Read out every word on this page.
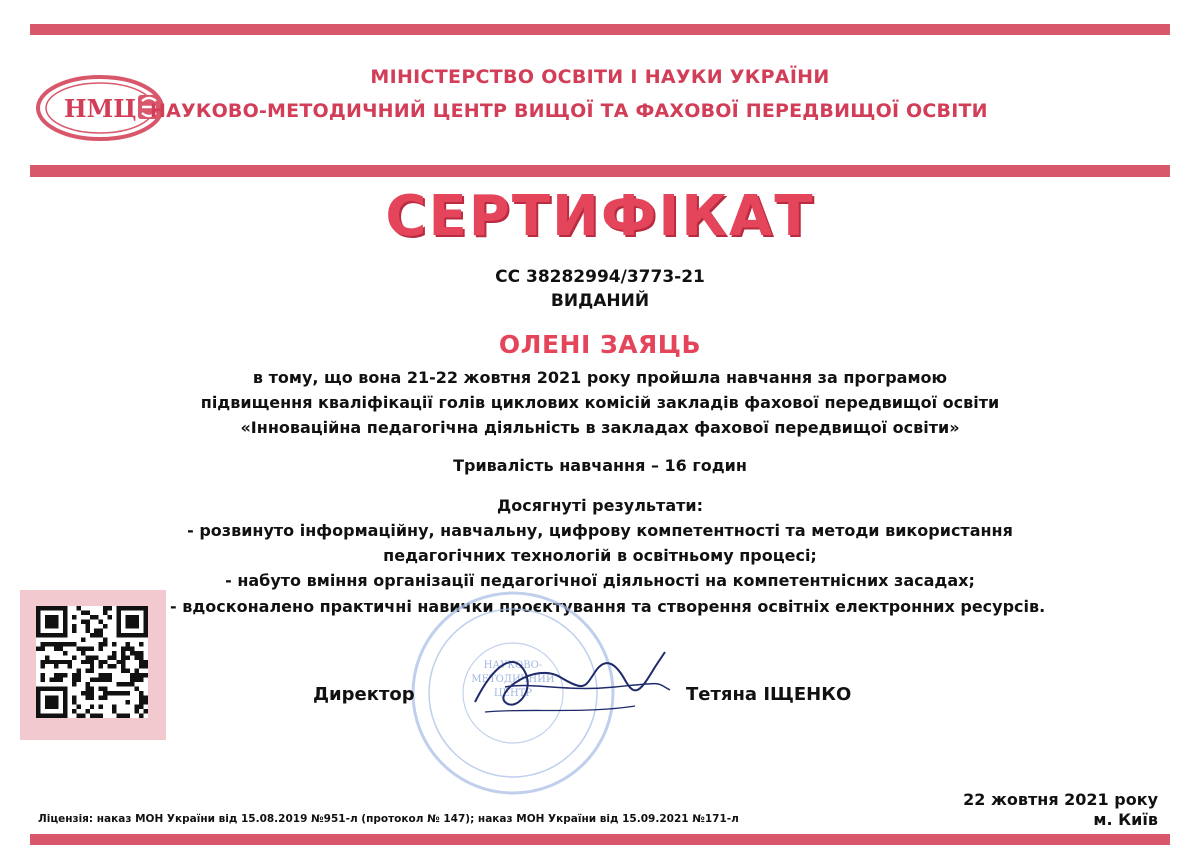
НМЦ
МІНІСТЕРСТВО ОСВІТИ І НАУКИ УКРАЇНИ
НАУКОВО-МЕТОДИЧНИЙ ЦЕНТР ВИЩОЇ ТА ФАХОВОЇ ПЕРЕДВИЩОЇ ОСВІТИ
СЕРТИФІКАТ
СС 38282994/3773-21
ВИДАНИЙ
ОЛЕНІ ЗАЯЦЬ
в тому, що вона 21-22 жовтня 2021 року пройшла навчання за програмою
підвищення кваліфікації голів циклових комісій закладів фахової передвищої освіти
«Інноваційна педагогічна діяльність в закладах фахової передвищої освіти»
Тривалість навчання – 16 годин
Досягнуті результати:
- розвинуто інформаційну, навчальну, цифрову компетентності та методи використання
педагогічних технологій в освітньому процесі;
- набуто вміння організації педагогічної діяльності на компетентнісних засадах;
- вдосконалено практичні навички проєктування та створення освітніх електронних ресурсів.
НАУКОВО-
МЕТОДИЧНИЙ
ЦЕНТР
Директор	Тетяна ІЩЕНКО
22 жовтня 2021 року
м. Київ
Ліцензія: наказ МОН України від 15.08.2019 №951-л (протокол № 147); наказ МОН України від 15.09.2021 №171-л
